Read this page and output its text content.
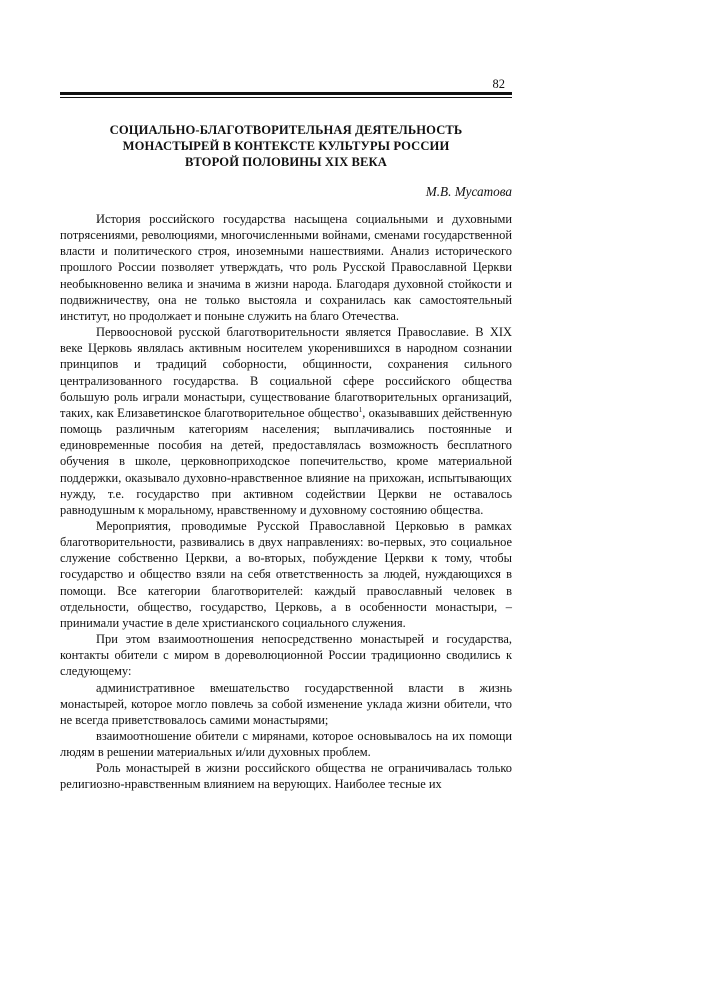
82
СОЦИАЛЬНО-БЛАГОТВОРИТЕЛЬНАЯ ДЕЯТЕЛЬНОСТЬ
МОНАСТЫРЕЙ В КОНТЕКСТЕ КУЛЬТУРЫ РОССИИ
ВТОРОЙ ПОЛОВИНЫ XIX ВЕКА
М.В. Мусатова

История российского государства насыщена социальными и духовными потрясениями, революциями, многочисленными войнами, сменами государственной власти и политического строя, иноземными нашествиями. Анализ исторического прошлого России позволяет утверждать, что роль Русской Православной Церкви необыкновенно велика и значима в жизни народа. Благодаря духовной стойкости и подвижничеству, она не только выстояла и сохранилась как самостоятельный институт, но продолжает и поныне служить на благо Отечества.

Первоосновой русской благотворительности является Православие. В XIX веке Церковь являлась активным носителем укоренившихся в народном сознании принципов и традиций соборности, общинности, сохранения сильного централизованного государства. В социальной сфере российского общества большую роль играли монастыри, существование благотворительных организаций, таких, как Елизаветинское благотворительное общество$^1$, оказывавших действенную помощь различным категориям населения; выплачивались постоянные и единовременные пособия на детей, предоставлялась возможность бесплатного обучения в школе, церковноприходское попечительство, кроме материальной поддержки, оказывало духовно-нравственное влияние на прихожан, испытывающих нужду, т.е. государство при активном содействии Церкви не оставалось равнодушным к моральному, нравственному и духовному состоянию общества.

Мероприятия, проводимые Русской Православной Церковью в рамках благотворительности, развивались в двух направлениях: во-первых, это социальное служение собственно Церкви, а во-вторых, побуждение Церкви к тому, чтобы государство и общество взяли на себя ответственность за людей, нуждающихся в помощи. Все категории благотворителей: каждый православный человек в отдельности, общество, государство, Церковь, а в особенности монастыри, – принимали участие в деле христианского социального служения.

При этом взаимоотношения непосредственно монастырей и государства, контакты обители с миром в дореволюционной России традиционно сводились к следующему:

административное вмешательство государственной власти в жизнь монастырей, которое могло повлечь за собой изменение уклада жизни обители, что не всегда приветствовалось самими монастырями;

взаимоотношение обители с мирянами, которое основывалось на их помощи людям в решении материальных и/или духовных проблем.

Роль монастырей в жизни российского общества не ограничивалась только религиозно-нравственным влиянием на верующих. Наиболее тесные их
